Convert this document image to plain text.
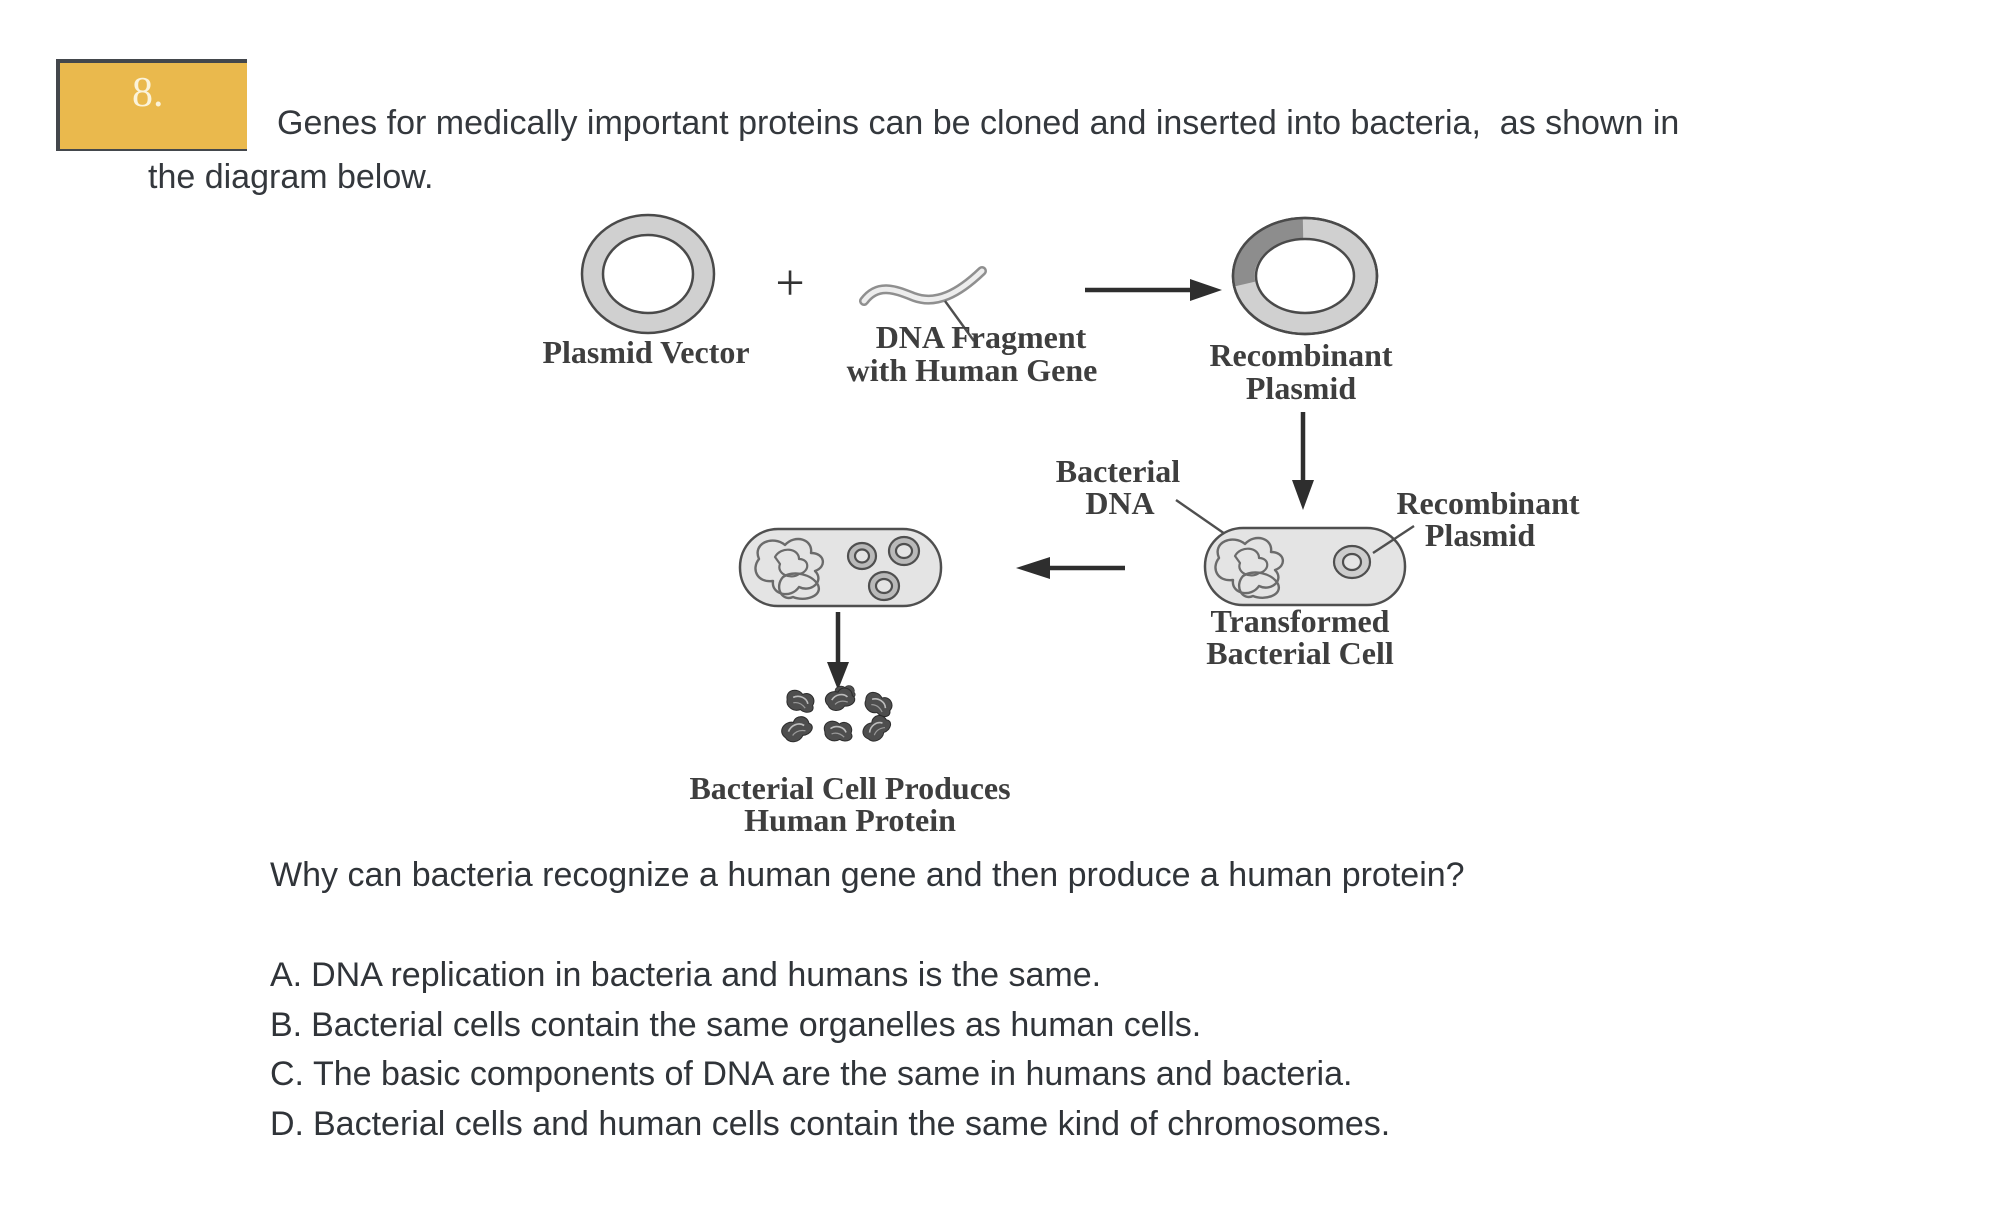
8.
Genes for medically important proteins can be cloned and inserted into bacteria,  as shown in
the diagram below.
Plasmid Vector
+
DNA Fragment
with Human Gene	Recombinant
Plasmid
Bacterial
DNA	Recombinant
Plasmid
Transformed
Bacterial Cell
Bacterial Cell Produces
Human Protein
Why can bacteria recognize a human gene and then produce a human protein?
A. DNA replication in bacteria and humans is the same.
B. Bacterial cells contain the same organelles as human cells.
C. The basic components of DNA are the same in humans and bacteria.
D. Bacterial cells and human cells contain the same kind of chromosomes.
